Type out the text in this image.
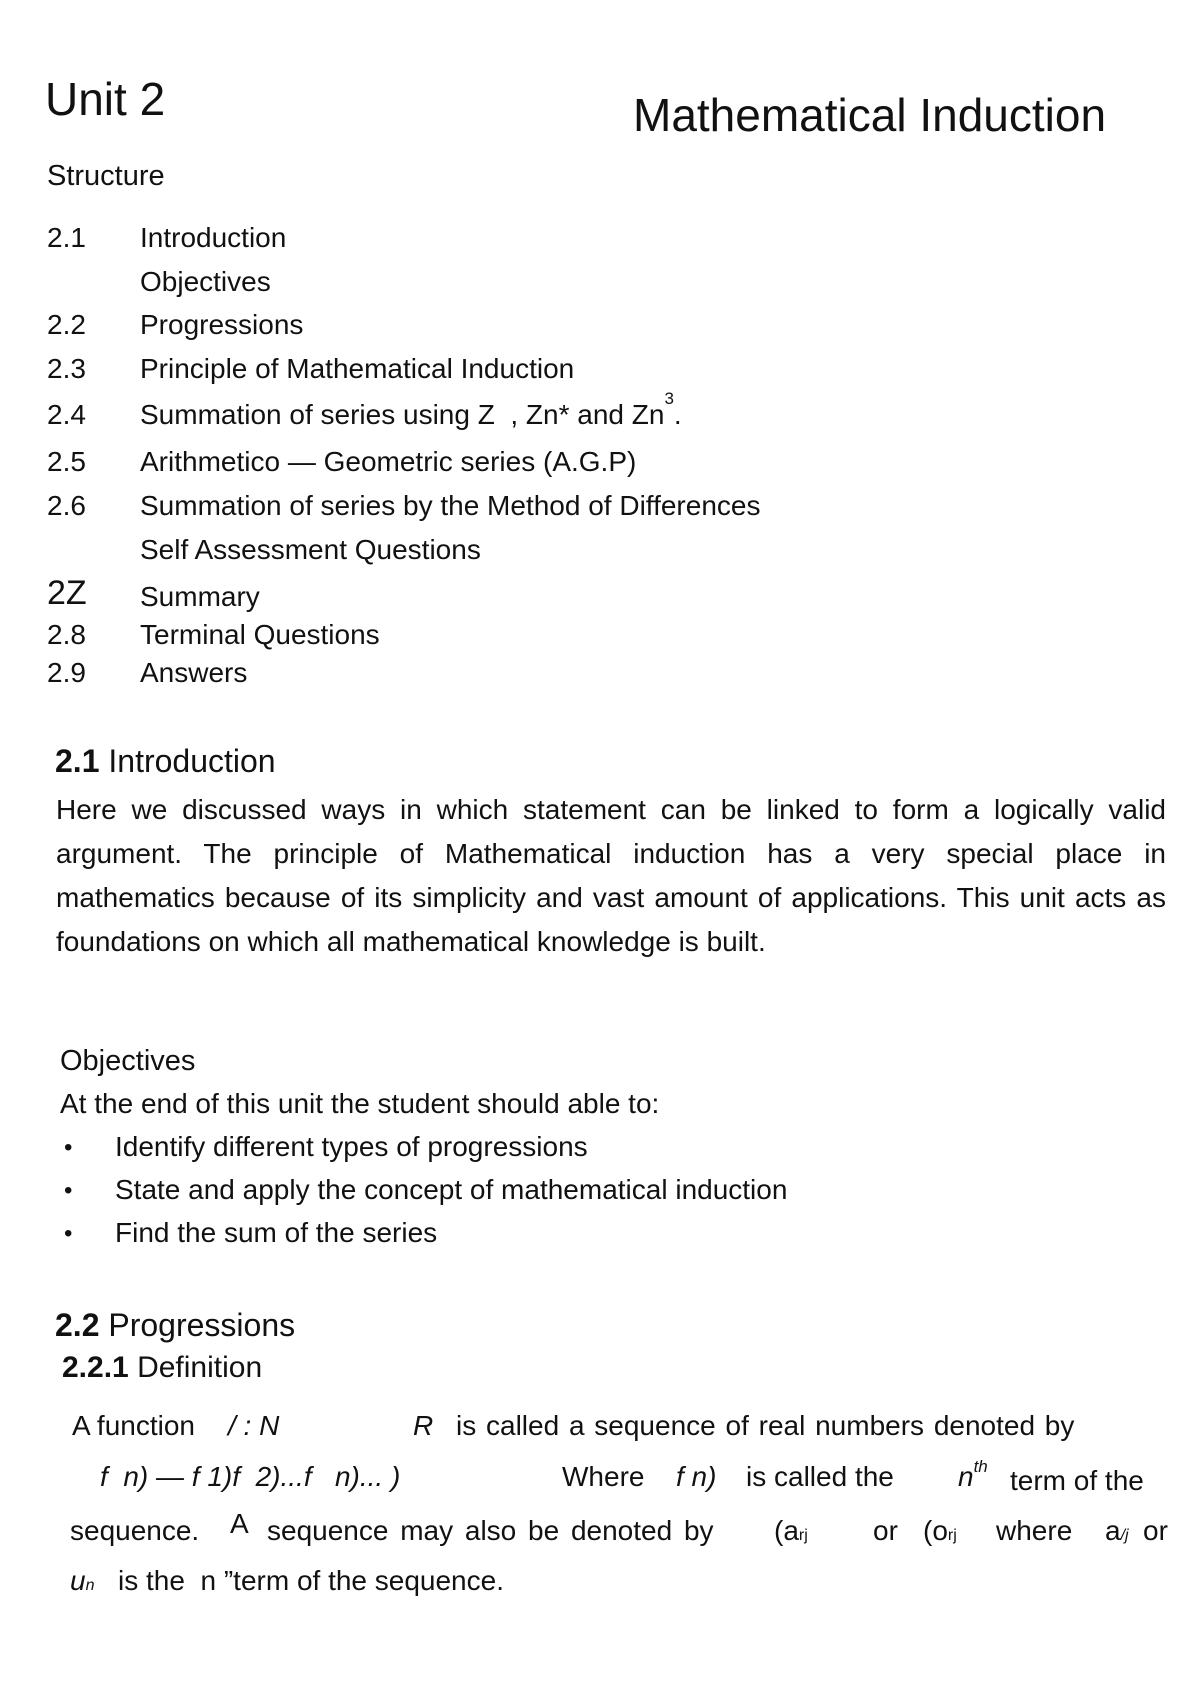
Unit 2	Mathematical Induction
Structure
2.1 Introduction
Objectives
2.2 Progressions
2.3 Principle of Mathematical Induction
2.4 Summation of series using Z  , Zn* and Zn$^3$.
2.5 Arithmetico — Geometric series (A.G.P)
2.6 Summation of series by the Method of Differences
Self Assessment Questions
2Z Summary
2.8 Terminal Questions
2.9 Answers
2.1 Introduction
Here we discussed ways in which statement can be linked to form a logically valid argument. The principle of Mathematical induction has a very special place in mathematics because of its simplicity and vast amount of applications. This unit acts as foundations on which all mathematical knowledge is built.
Objectives
At the end of this unit the student should able to:
• Identify different types of progressions
• State and apply the concept of mathematical induction
• Find the sum of the series
2.2 Progressions
2.2.1 Definition
A function / : N	R is called a sequence of real numbers denoted by
f  n) — f 1)f  2)...f   n)... )	Where f n) is called the $n^{th}$ term of the
sequence. A sequence may also be denoted by (arj or (orj where a/j or
un is the  n ”term of the sequence.
